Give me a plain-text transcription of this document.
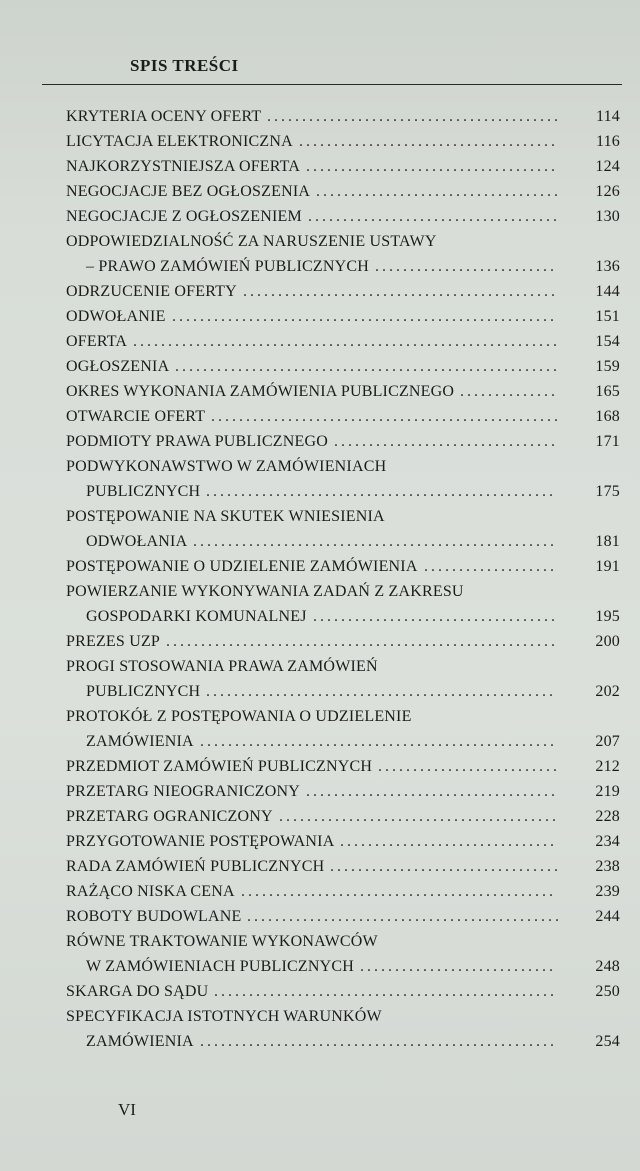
SPIS TREŚCI
KRYTERIA OCENY OFERT ..........................................	114
LICYTACJA ELEKTRONICZNA .....................................	116
NAJKORZYSTNIEJSZA OFERTA ....................................	124
NEGOCJACJE BEZ OGŁOSZENIA ...................................	126
NEGOCJACJE Z OGŁOSZENIEM ....................................	130
ODPOWIEDZIALNOŚĆ ZA NARUSZENIE USTAWY
– PRAWO ZAMÓWIEŃ PUBLICZNYCH ..........................	136
ODRZUCENIE OFERTY .............................................	144
ODWOŁANIE .......................................................	151
OFERTA .............................................................	154
OGŁOSZENIA .......................................................	159
OKRES WYKONANIA ZAMÓWIENIA PUBLICZNEGO ..............	165
OTWARCIE OFERT ..................................................	168
PODMIOTY PRAWA PUBLICZNEGO ................................	171
PODWYKONAWSTWO W ZAMÓWIENIACH
PUBLICZNYCH ..................................................	175
POSTĘPOWANIE NA SKUTEK WNIESIENIA
ODWOŁANIA ....................................................	181
POSTĘPOWANIE O UDZIELENIE ZAMÓWIENIA ...................	191
POWIERZANIE WYKONYWANIA ZADAŃ Z ZAKRESU
GOSPODARKI KOMUNALNEJ ...................................	195
PREZES UZP ........................................................	200
PROGI STOSOWANIA PRAWA ZAMÓWIEŃ
PUBLICZNYCH ..................................................	202
PROTOKÓŁ Z POSTĘPOWANIA O UDZIELENIE
ZAMÓWIENIA ...................................................	207
PRZEDMIOT ZAMÓWIEŃ PUBLICZNYCH ..........................	212
PRZETARG NIEOGRANICZONY ....................................	219
PRZETARG OGRANICZONY ........................................	228
PRZYGOTOWANIE POSTĘPOWANIA ...............................	234
RADA ZAMÓWIEŃ PUBLICZNYCH .................................	238
RAŻĄCO NISKA CENA .............................................	239
ROBOTY BUDOWLANE .............................................	244
RÓWNE TRAKTOWANIE WYKONAWCÓW
W ZAMÓWIENIACH PUBLICZNYCH ............................	248
SKARGA DO SĄDU .................................................	250
SPECYFIKACJA ISTOTNYCH WARUNKÓW
ZAMÓWIENIA ...................................................	254
VI
